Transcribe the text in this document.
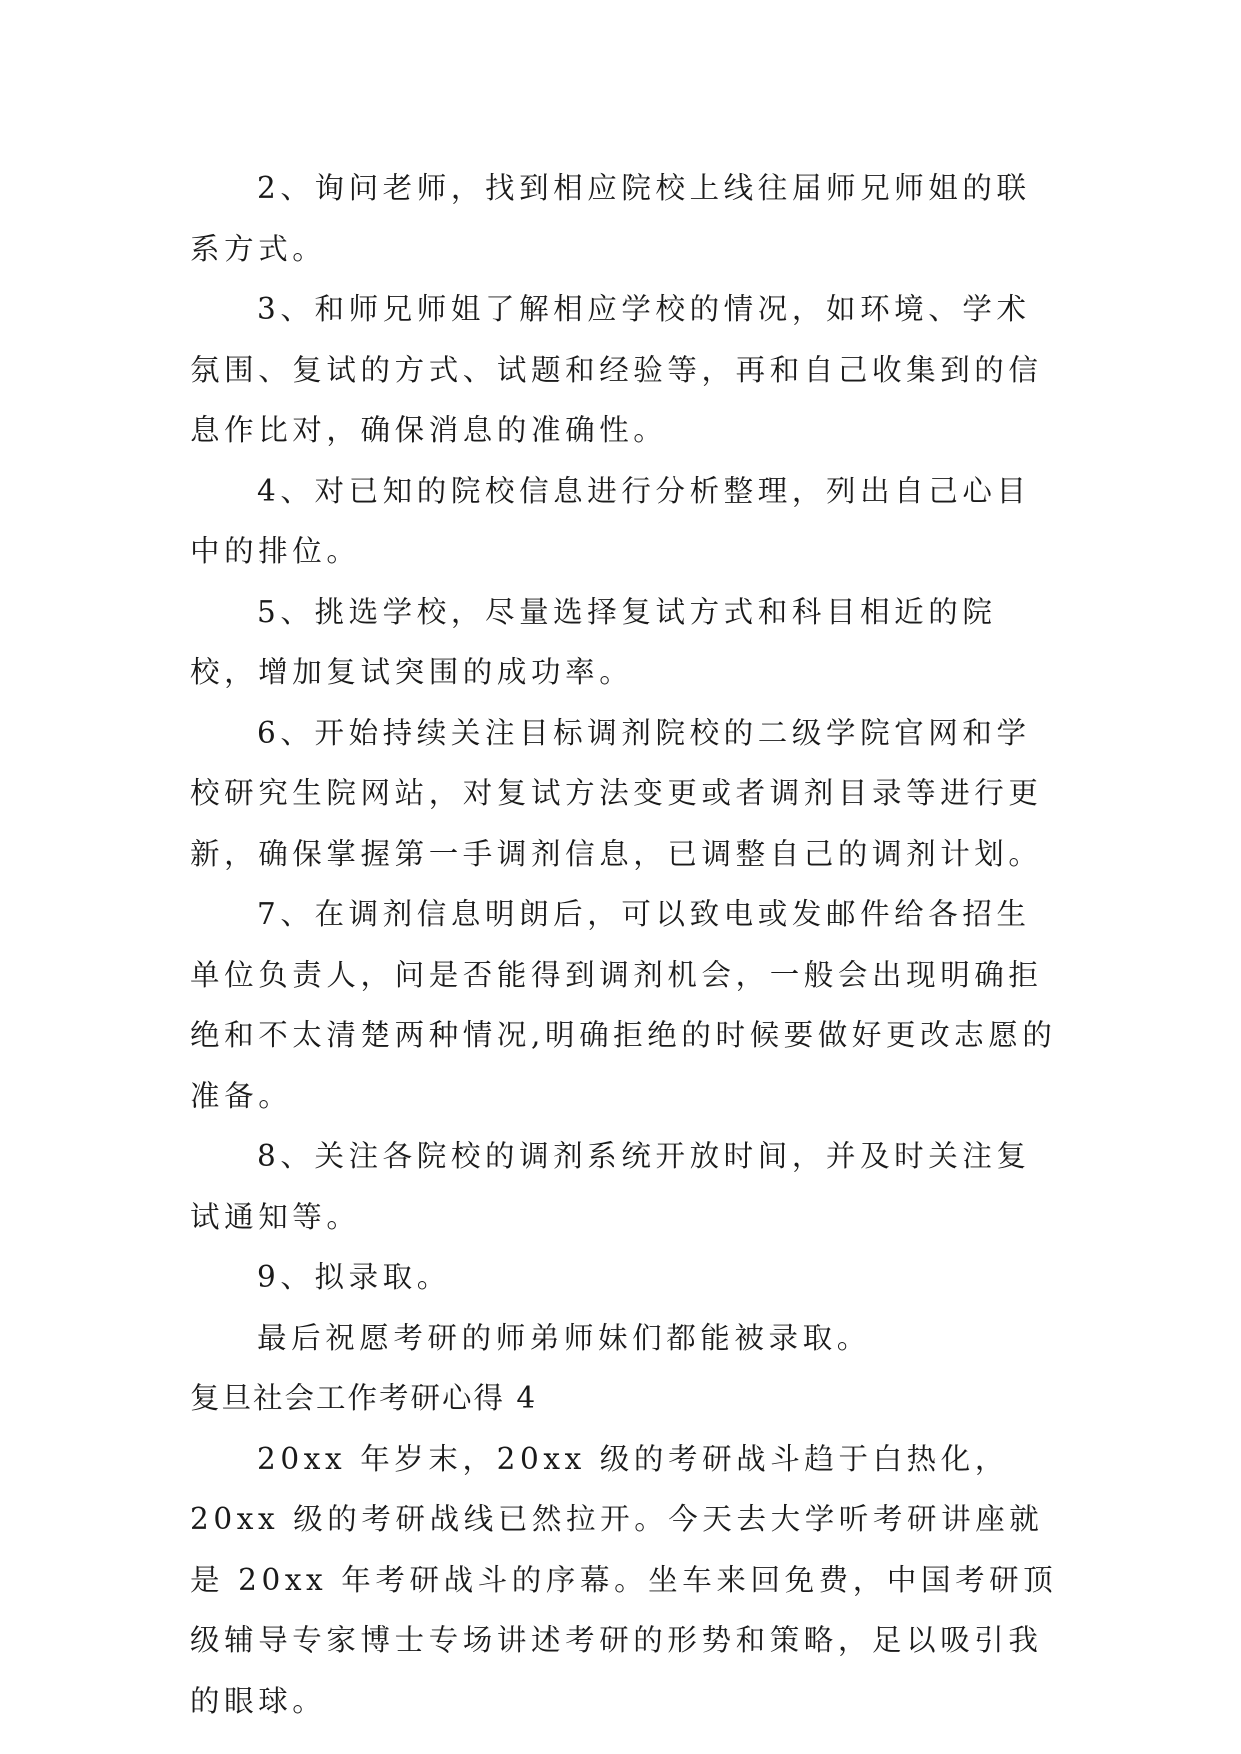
2、询问老师，找到相应院校上线往届师兄师姐的联系方式。

3、和师兄师姐了解相应学校的情况，如环境、学术氛围、复试的方式、试题和经验等，再和自己收集到的信息作比对，确保消息的准确性。

4、对已知的院校信息进行分析整理，列出自己心目中的排位。

5、挑选学校，尽量选择复试方式和科目相近的院校，增加复试突围的成功率。

6、开始持续关注目标调剂院校的二级学院官网和学校研究生院网站，对复试方法变更或者调剂目录等进行更新，确保掌握第一手调剂信息，已调整自己的调剂计划。

7、在调剂信息明朗后，可以致电或发邮件给各招生单位负责人，问是否能得到调剂机会，一般会出现明确拒绝和不太清楚两种情况,明确拒绝的时候要做好更改志愿的准备。

8、关注各院校的调剂系统开放时间，并及时关注复试通知等。

9、拟录取。

最后祝愿考研的师弟师妹们都能被录取。

复旦社会工作考研心得 4

20xx 年岁末，20xx 级的考研战斗趋于白热化，20xx 级的考研战线已然拉开。今天去大学听考研讲座就是 20xx 年考研战斗的序幕。坐车来回免费，中国考研顶级辅导专家博士专场讲述考研的形势和策略，足以吸引我的眼球。
